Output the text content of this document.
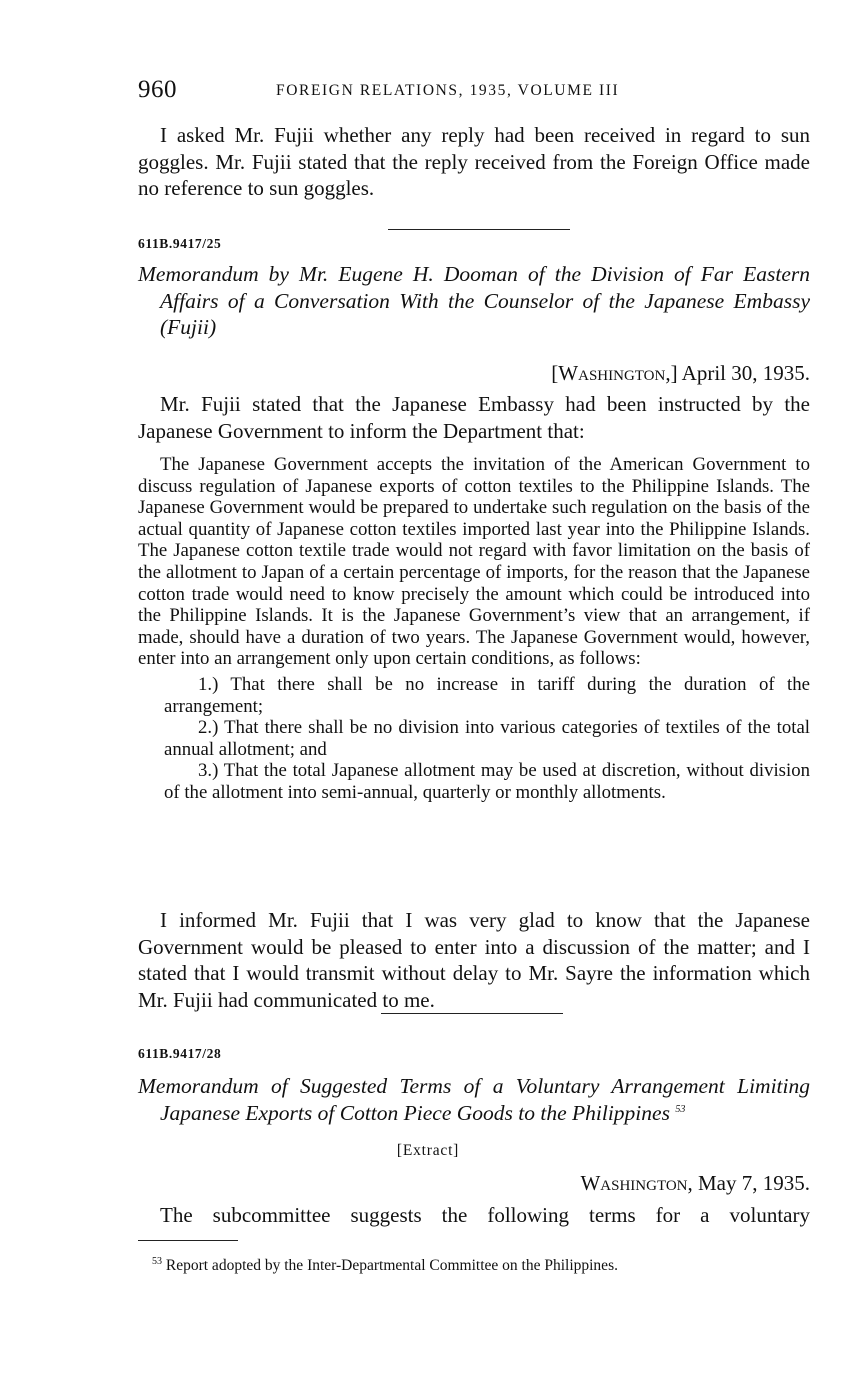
960	FOREIGN RELATIONS, 1935, VOLUME III

I asked Mr. Fujii whether any reply had been received in regard to sun goggles. Mr. Fujii stated that the reply received from the Foreign Office made no reference to sun goggles.

611B.9417/25

Memorandum by Mr. Eugene H. Dooman of the Division of Far Eastern Affairs of a Conversation With the Counselor of the Japanese Embassy (Fujii)

[Washington,] April 30, 1935.

Mr. Fujii stated that the Japanese Embassy had been instructed by the Japanese Government to inform the Department that:

The Japanese Government accepts the invitation of the American Government to discuss regulation of Japanese exports of cotton textiles to the Philippine Islands. The Japanese Government would be prepared to undertake such regulation on the basis of the actual quantity of Japanese cotton textiles imported last year into the Philippine Islands. The Japanese cotton textile trade would not regard with favor limitation on the basis of the allotment to Japan of a certain percentage of imports, for the reason that the Japanese cotton trade would need to know precisely the amount which could be introduced into the Philippine Islands. It is the Japanese Government’s view that an arrangement, if made, should have a duration of two years. The Japanese Government would, however, enter into an arrangement only upon certain conditions, as follows:

1.) That there shall be no increase in tariff during the duration of the arrangement;

2.) That there shall be no division into various categories of textiles of the total annual allotment; and

3.) That the total Japanese allotment may be used at discretion, without division of the allotment into semi-annual, quarterly or monthly allotments.

I informed Mr. Fujii that I was very glad to know that the Japanese Government would be pleased to enter into a discussion of the matter; and I stated that I would transmit without delay to Mr. Sayre the information which Mr. Fujii had communicated to me.

611B.9417/28

Memorandum of Suggested Terms of a Voluntary Arrangement Limiting Japanese Exports of Cotton Piece Goods to the Philippines $^{53}$

[Extract]
Washington, May 7, 1935.

The subcommittee suggests the following terms for a voluntary

$^{53}$ Report adopted by the Inter-Departmental Committee on the Philippines.
